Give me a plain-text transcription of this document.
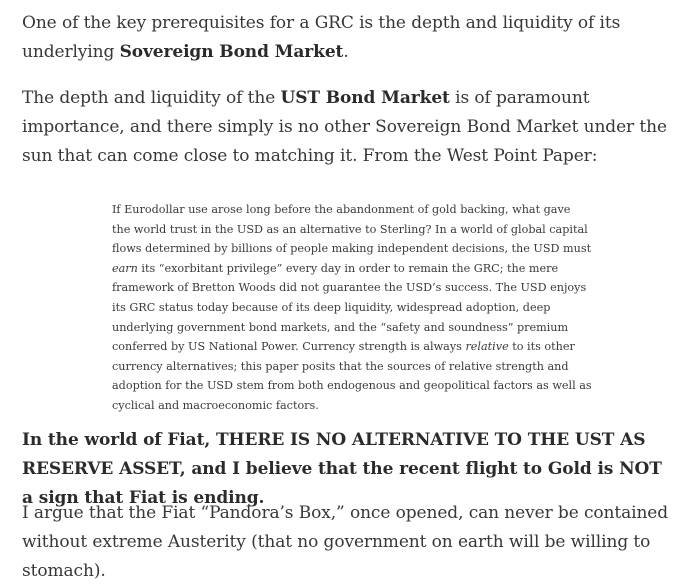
One of the key prerequisites for a GRC is the depth and liquidity of its underlying Sovereign Bond Market.

The depth and liquidity of the UST Bond Market is of paramount importance, and there simply is no other Sovereign Bond Market under the sun that can come close to matching it. From the West Point Paper:

In the world of Fiat, THERE IS NO ALTERNATIVE TO THE UST AS RESERVE ASSET, and I believe that the recent flight to Gold is NOT a sign that Fiat is ending.

I argue that the Fiat “Pandora’s Box,” once opened, can never be contained without extreme Austerity (that no government on earth will be willing to stomach).

If Eurodollar use arose long before the abandonment of gold backing, what gave the world trust in the USD as an alternative to Sterling? In a world of global capital flows determined by billions of people making independent decisions, the USD must earn its “exorbitant privilege” every day in order to remain the GRC; the mere framework of Bretton Woods did not guarantee the USD’s success. The USD enjoys its GRC status today because of its deep liquidity, widespread adoption, deep underlying government bond markets, and the “safety and soundness” premium conferred by US National Power. Currency strength is always relative to its other currency alternatives; this paper posits that the sources of relative strength and adoption for the USD stem from both endogenous and geopolitical factors as well as cyclical and macroeconomic factors.
